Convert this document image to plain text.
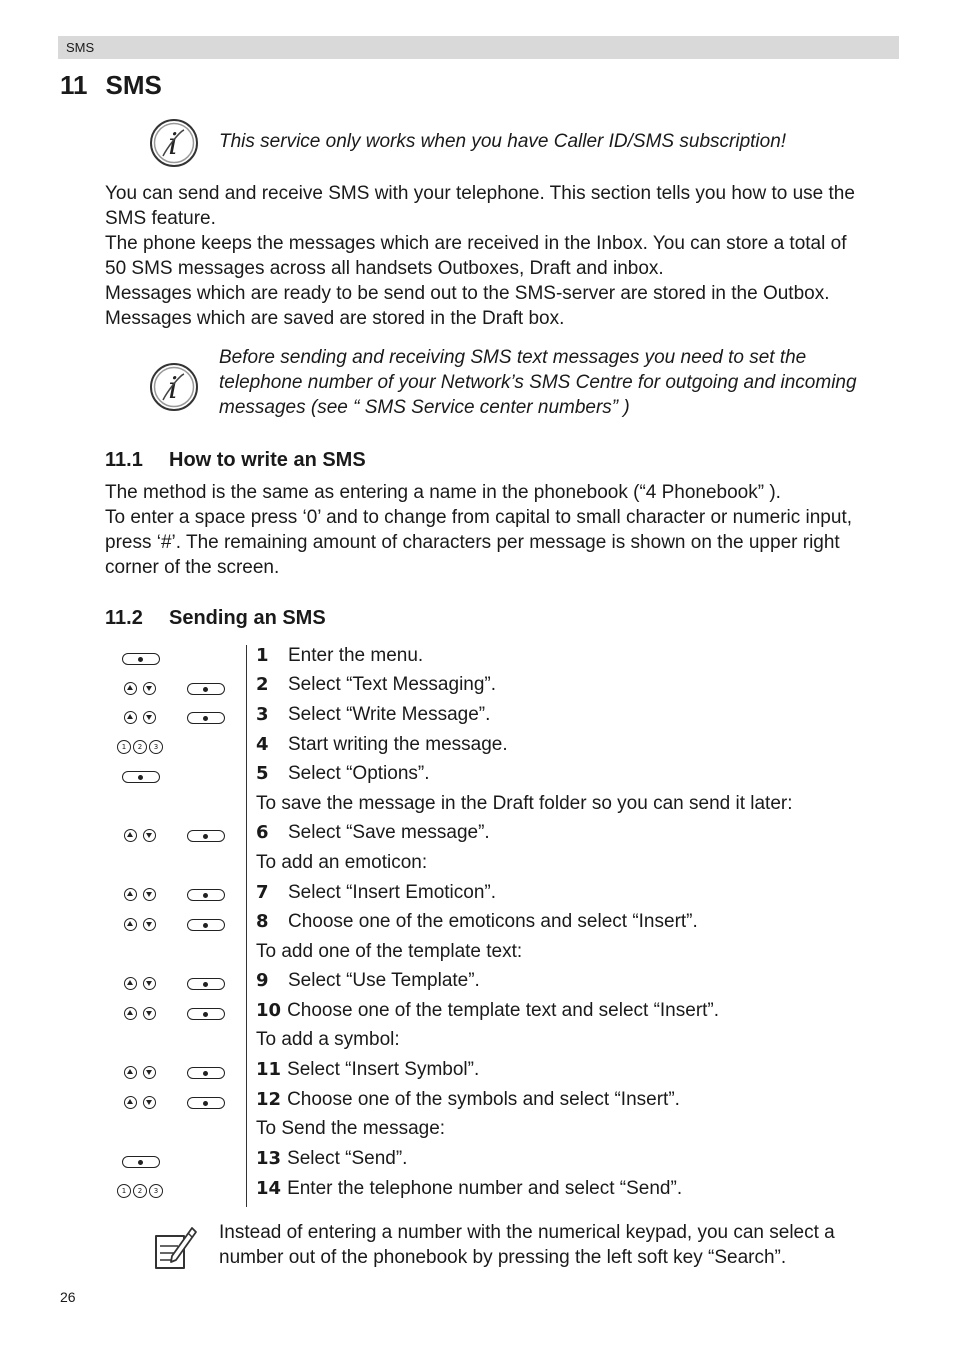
SMS
11 SMS
i This service only works when you have Caller ID/SMS subscription!

You can send and receive SMS with your telephone. This section tells you how to use the

SMS feature.

The phone keeps the messages which are received in the Inbox. You can store a total of

50 SMS messages across all handsets Outboxes, Draft and inbox.

Messages which are ready to be send out to the SMS-server are stored in the Outbox.

Messages which are saved are stored in the Draft box.

i
Before sending and receiving SMS text messages you need to set the
telephone number of your Network’s SMS Centre for outgoing and incoming
messages (see “ SMS Service center numbers” )
11.1 How to write an SMS

The method is the same as entering a name in the phonebook (“4 Phonebook” ).

To enter a space press ‘0’ and to change from capital to small character or numeric input,

press ‘#’. The remaining amount of characters per message is shown on the upper right

corner of the screen.

11.2 Sending an SMS
1	2	3
1	2	3
1 Enter the menu.
2 Select “Text Messaging”.
3 Select “Write Message”.
4 Start writing the message.
5 Select “Options”.
To save the message in the Draft folder so you can send it later:
6 Select “Save message”.
To add an emoticon:
7 Select “Insert Emoticon”.
8 Choose one of the emoticons and select “Insert”.
To add one of the template text:
9 Select “Use Template”.
10 Choose one of the template text and select “Insert”.
To add a symbol:
11 Select “Insert Symbol”.
12 Choose one of the symbols and select “Insert”.
To Send the message:
13 Select “Send”.
14 Enter the telephone number and select “Send”.

Instead of entering a number with the numerical keypad, you can select a

number out of the phonebook by pressing the left soft key “Search”.

26
